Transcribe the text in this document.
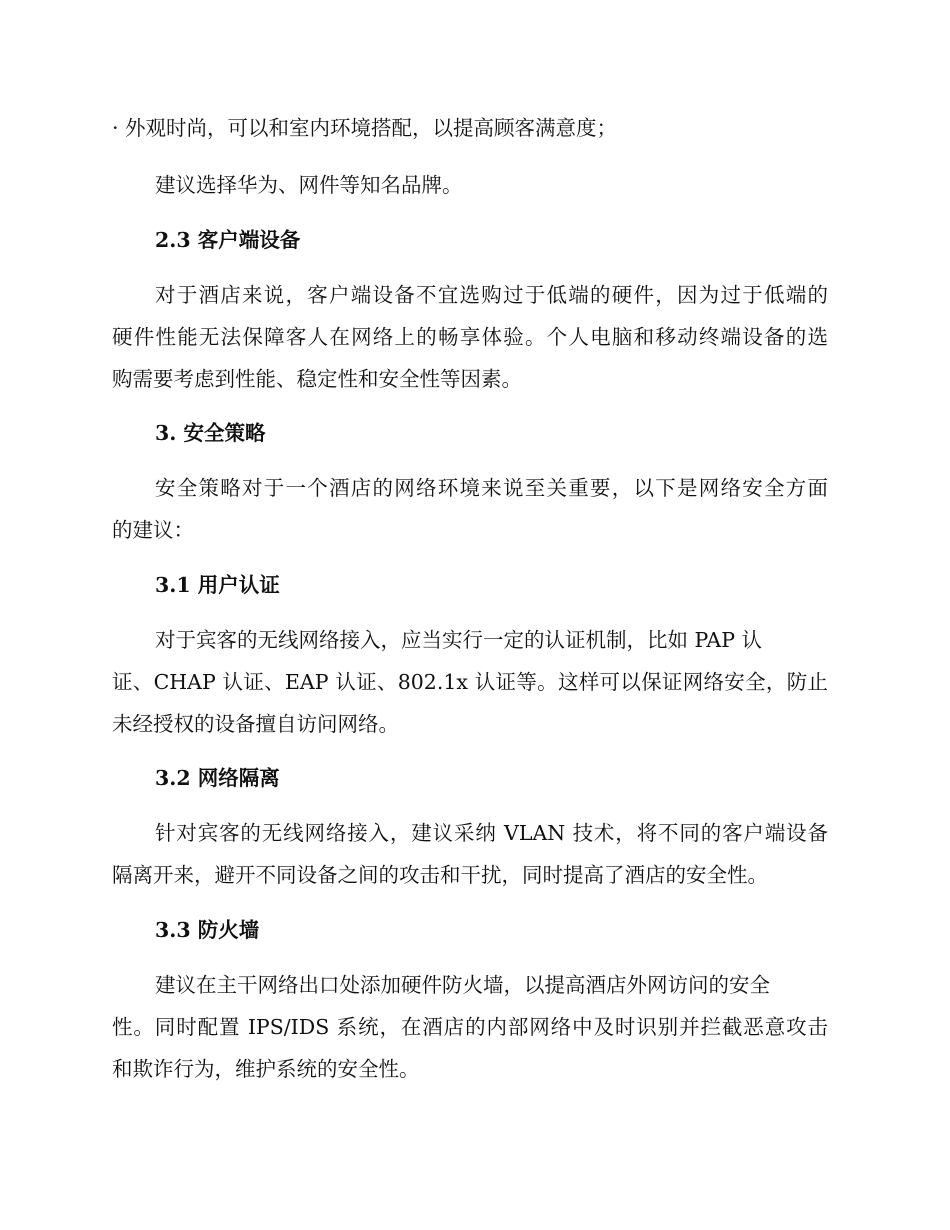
· 外观时尚，可以和室内环境搭配，以提高顾客满意度；
建议选择华为、网件等知名品牌。
2.3 客户端设备
对于酒店来说，客户端设备不宜选购过于低端的硬件，因为过于低端的
硬件性能无法保障客人在网络上的畅享体验。个人电脑和移动终端设备的选
购需要考虑到性能、稳定性和安全性等因素。
3. 安全策略
安全策略对于一个酒店的网络环境来说至关重要，以下是网络安全方面
的建议：
3.1 用户认证
对于宾客的无线网络接入，应当实行一定的认证机制，比如 PAP 认
证、CHAP 认证、EAP 认证、802.1x 认证等。这样可以保证网络安全，防止
未经授权的设备擅自访问网络。
3.2 网络隔离
针对宾客的无线网络接入，建议采纳 VLAN 技术，将不同的客户端设备
隔离开来，避开不同设备之间的攻击和干扰，同时提高了酒店的安全性。
3.3 防火墙
建议在主干网络出口处添加硬件防火墙，以提高酒店外网访问的安全
性。同时配置 IPS/IDS 系统，在酒店的内部网络中及时识别并拦截恶意攻击
和欺诈行为，维护系统的安全性。
